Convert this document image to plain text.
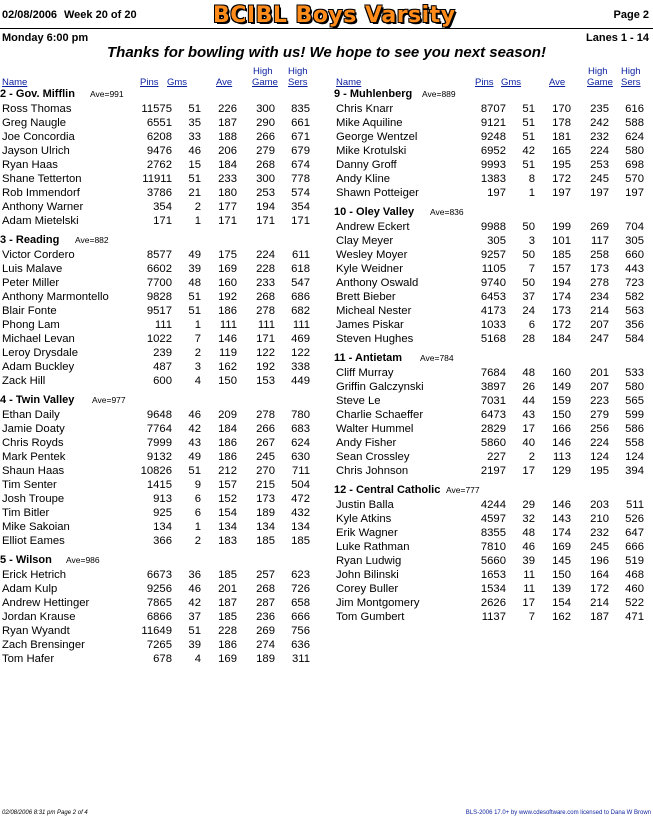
02/08/2006 Week 20 of 20	BCIBL Boys Varsity	Page 2
Monday 6:00 pm	Lanes 1 - 14
Thanks for bowling with us! We hope to see you next season!
Name	Pins Gms	Ave
High
Game
High
Sers
2 - Gov. Mifflin Ave=991
Ross Thomas	11575	51	226	300	835
Greg Naugle	6551	35	187	290	661
Joe Concordia	6208	33	188	266	671
Jayson Ulrich	9476	46	206	279	679
Ryan Haas	2762	15	184	268	674
Shane Tetterton	11911	51	233	300	778
Rob Immendorf	3786	21	180	253	574
Anthony Warner	354	2	177	194	354
Adam Mietelski	171	1	171	171	171
3 - Reading Ave=882
Victor Cordero	8577	49	175	224	611
Luis Malave	6602	39	169	228	618
Peter Miller	7700	48	160	233	547
Anthony Marmontello	9828	51	192	268	686
Blair Fonte	9517	51	186	278	682
Phong Lam	111	1	111	111	111
Michael Levan	1022	7	146	171	469
Leroy Drysdale	239	2	119	122	122
Adam Buckley	487	3	162	192	338
Zack Hill	600	4	150	153	449
4 - Twin Valley Ave=977
Ethan Daily	9648	46	209	278	780
Jamie Doaty	7764	42	184	266	683
Chris Royds	7999	43	186	267	624
Mark Pentek	9132	49	186	245	630
Shaun Haas	10826	51	212	270	711
Tim Senter	1415	9	157	215	504
Josh Troupe	913	6	152	173	472
Tim Bitler	925	6	154	189	432
Mike Sakoian	134	1	134	134	134
Elliot Eames	366	2	183	185	185
5 - Wilson Ave=986
Erick Hetrich	6673	36	185	257	623
Adam Kulp	9256	46	201	268	726
Andrew Hettinger	7865	42	187	287	658
Jordan Krause	6866	37	185	236	666
Ryan Wyandt	11649	51	228	269	756
Zach Brensinger	7265	39	186	274	636
Tom Hafer	678	4	169	189	311
Name	Pins Gms	Ave
High
Game
High
Sers
9 - Muhlenberg Ave=889
Chris Knarr	8707	51	170	235	616
Mike Aquiline	9121	51	178	242	588
George Wentzel	9248	51	181	232	624
Mike Krotulski	6952	42	165	224	580
Danny Groff	9993	51	195	253	698
Andy Kline	1383	8	172	245	570
Shawn Potteiger	197	1	197	197	197
10 - Oley Valley Ave=836
Andrew Eckert	9988	50	199	269	704
Clay Meyer	305	3	101	117	305
Wesley Moyer	9257	50	185	258	660
Kyle Weidner	1105	7	157	173	443
Anthony Oswald	9740	50	194	278	723
Brett Bieber	6453	37	174	234	582
Micheal Nester	4173	24	173	214	563
James Piskar	1033	6	172	207	356
Steven Hughes	5168	28	184	247	584
11 - Antietam Ave=784
Cliff Murray	7684	48	160	201	533
Griffin Galczynski	3897	26	149	207	580
Steve Le	7031	44	159	223	565
Charlie Schaeffer	6473	43	150	279	599
Walter Hummel	2829	17	166	256	586
Andy Fisher	5860	40	146	224	558
Sean Crossley	227	2	113	124	124
Chris Johnson	2197	17	129	195	394
12 - Central Catholic Ave=777
Justin Balla	4244	29	146	203	511
Kyle Atkins	4597	32	143	210	526
Erik Wagner	8355	48	174	232	647
Luke Rathman	7810	46	169	245	666
Ryan Ludwig	5660	39	145	196	519
John Bilinski	1653	11	150	164	468
Corey Buller	1534	11	139	172	460
Jim Montgomery	2626	17	154	214	522
Tom Gumbert	1137	7	162	187	471
02/08/2006 8:31 pm Page 2 of 4	BLS-2006 17.0+ by www.cdesoftware.com licensed to Dana W Brown
